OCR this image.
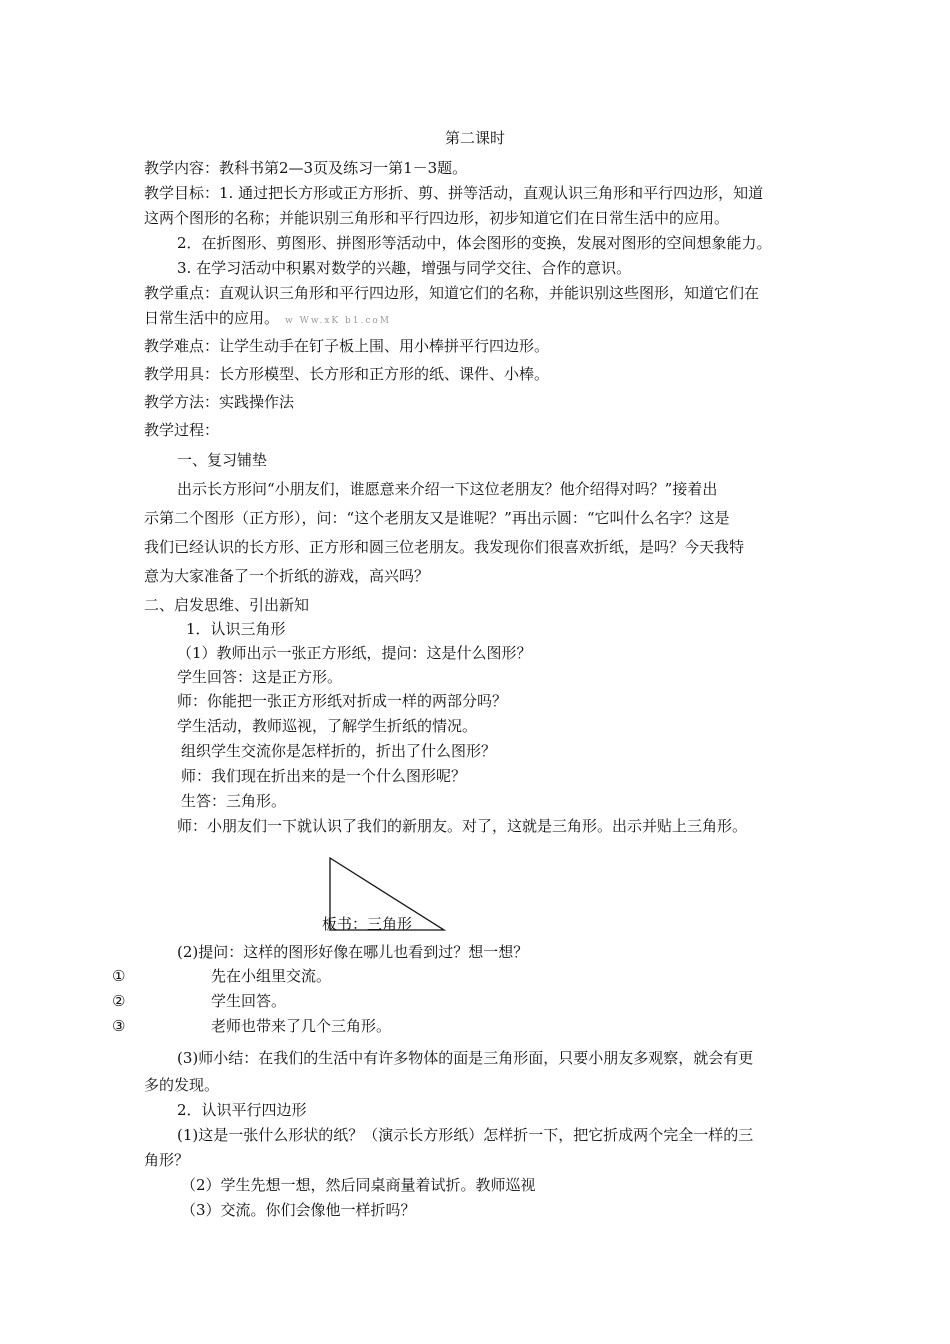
第二课时
教学内容：教科书第2—3页及练习一第1－3题。
教学目标：1. 通过把长方形或正方形折、剪、拼等活动，直观认识三角形和平行四边形，知道
这两个图形的名称；并能识别三角形和平行四边形，初步知道它们在日常生活中的应用。
2．在折图形、剪图形、拼图形等活动中，体会图形的变换，发展对图形的空间想象能力。
3. 在学习活动中积累对数学的兴趣，增强与同学交往、合作的意识。
教学重点：直观认识三角形和平行四边形，知道它们的名称，并能识别这些图形，知道它们在
日常生活中的应用。 w Ww.xK b1.coM
教学难点：让学生动手在钉子板上围、用小棒拼平行四边形。
教学用具：长方形模型、长方形和正方形的纸、课件、小棒。
教学方法：实践操作法
教学过程：
一、复习铺垫
出示长方形问“小朋友们，谁愿意来介绍一下这位老朋友？他介绍得对吗？”接着出
示第二个图形（正方形），问：“这个老朋友又是谁呢？”再出示圆：“它叫什么名字？这是
我们已经认识的长方形、正方形和圆三位老朋友。我发现你们很喜欢折纸，是吗？今天我特
意为大家准备了一个折纸的游戏，高兴吗？
二、启发思维、引出新知
1．认识三角形
（1）教师出示一张正方形纸，提问：这是什么图形？
学生回答：这是正方形。
师：你能把一张正方形纸对折成一样的两部分吗？
学生活动，教师巡视，了解学生折纸的情况。
组织学生交流你是怎样折的，折出了什么图形？
师：我们现在折出来的是一个什么图形呢？
生答：三角形。
师：小朋友们一下就认识了我们的新朋友。对了，这就是三角形。出示并贴上三角形。
板书：三角形
(2)提问：这样的图形好像在哪儿也看到过？想一想？
①	先在小组里交流。
②	学生回答。
③	老师也带来了几个三角形。
(3)师小结：在我们的生活中有许多物体的面是三角形面，只要小朋友多观察，就会有更
多的发现。
2．认识平行四边形
(1)这是一张什么形状的纸？（演示长方形纸）怎样折一下，把它折成两个完全一样的三
角形？
（2）学生先想一想，然后同桌商量着试折。教师巡视
（3）交流。你们会像他一样折吗？
